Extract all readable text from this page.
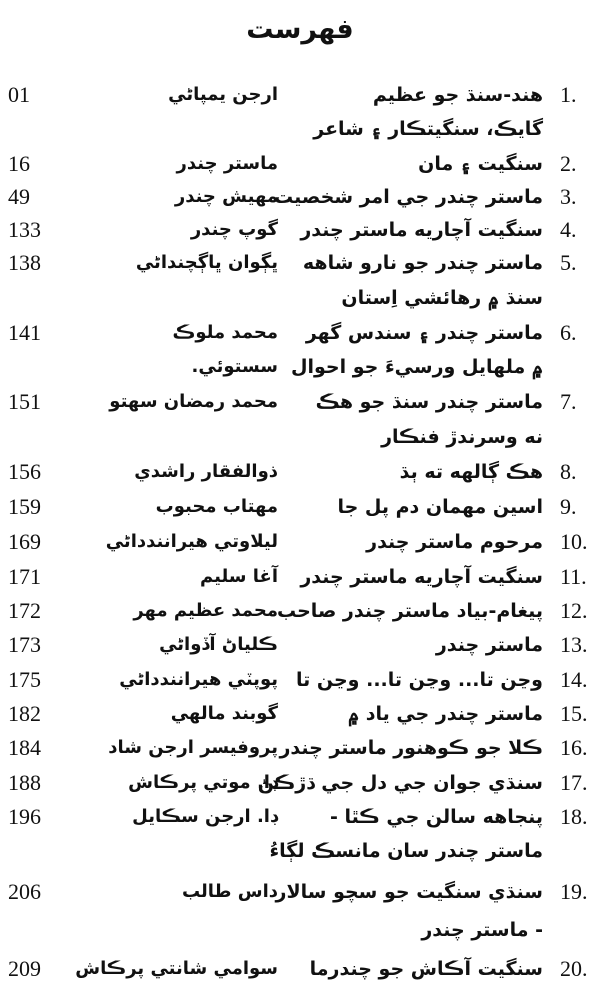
فهرست
1.
هند-سنڌ جو عظيم
ارجن يمپاڻي
01
گايڪ، سنگيتڪار ۽ شاعر
2.
سنگيت ۽ مان
ماستر چندر
16
3.
ماستر چندر جي امر شخصيت
مهيش چندر
49
4.
سنگيت آچاريه ماستر چندر
گوپ چندر
133
5.
ماستر چندر جو نارو شاهه
ڀڳوان ڀاڳچنداڻي
138
سنڌ ۾ رهائشي اِستان
6.
ماستر چندر ۽ سندس گهر
محمد ملوڪ
141
۾ ملهايل ورسيءَ جو احوال
سستوئي.
7.
ماستر چندر سنڌ جو هڪ
محمد رمضان سهتو
151
نه وسرندڙ فنڪار
8.
هڪ ڳالهه ته ٻڌ
ذوالفقار راشدي
156
9.
اسين مهمان دم پل جا
مهتاب محبوب
159
10.
مرحوم ماستر چندر
ليلاوتي هيرانندداڻي
169
11.
سنگيت آچاريه ماستر چندر
آغا سليم
171
12.
پيغام-بياد ماستر چندر صاحب
محمد عظيم مهر
172
13.
ماستر چندر
ڪلياڻ آڏواڻي
173
14.
وڃن تا... وڃن تا... وڃن تا
پوپٽي هيرانندداڻي
175
15.
ماستر چندر جي ياد ۾
گوبند مالهي
182
16.
ڪلا جو ڪوهنور ماستر چندر
پروفيسر ارجن شاد
184
17.
سنڌي جوان جي دل جي ڌڙڪڻ
ڊا. موتي پرڪاش
188
18.
پنجاهه سالن جي ڪٿا -
ڊا. ارجن سڪايل
196
ماستر چندر سان مانسڪ لڳاءُ
19.
سنڌي سنگيت جو سچو سالار
داس طالب
206
- ماستر چندر
20.
سنگيت آڪاش جو چندرما
سوامي شانتي پرڪاش
209
